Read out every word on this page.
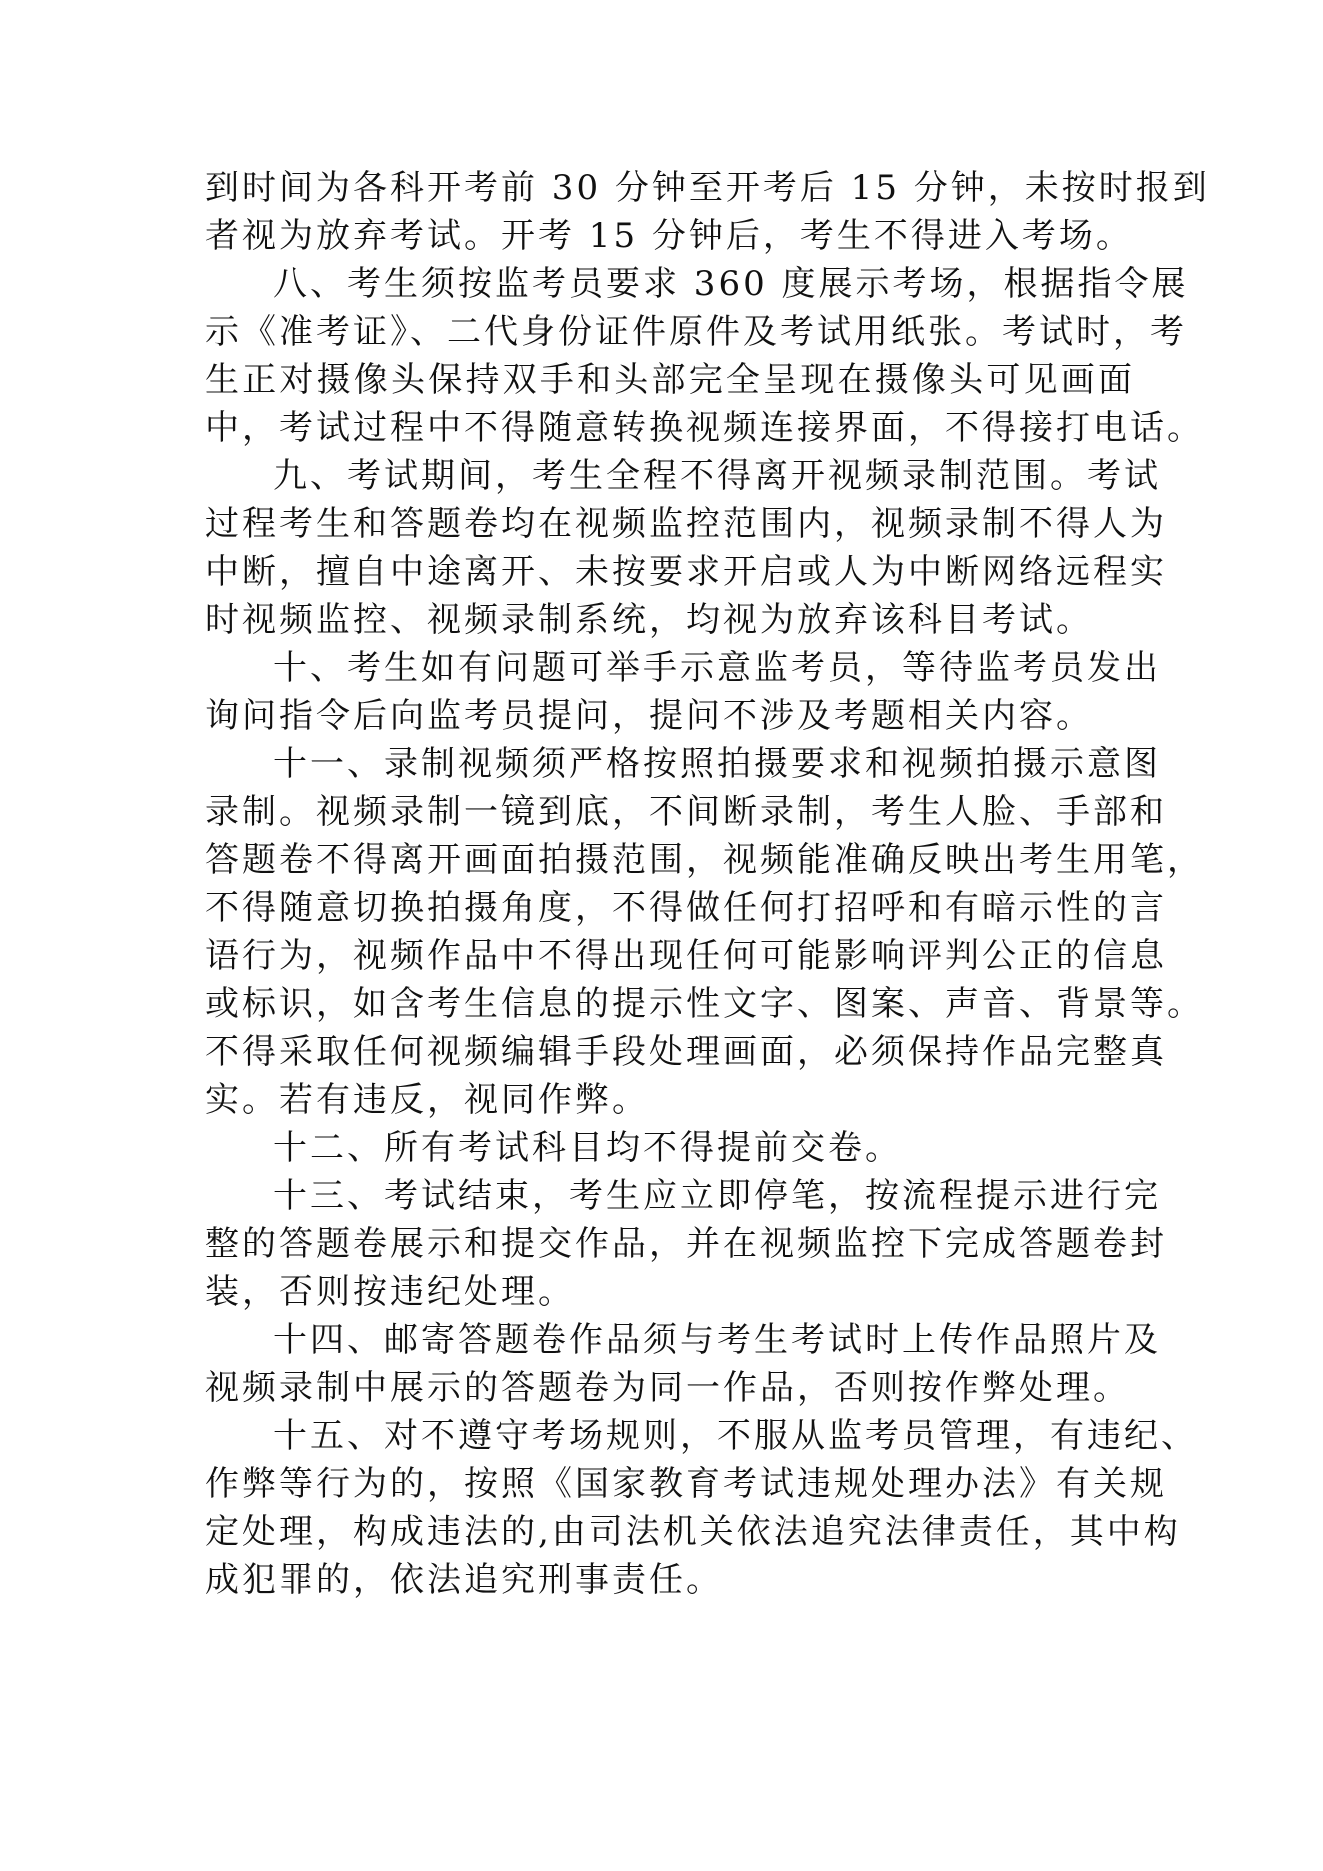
到时间为各科开考前 30 分钟至开考后 15 分钟，未按时报到
者视为放弃考试。开考 15 分钟后，考生不得进入考场。
八、考生须按监考员要求 360 度展示考场，根据指令展
示《准考证》、二代身份证件原件及考试用纸张。考试时，考
生正对摄像头保持双手和头部完全呈现在摄像头可见画面
中，考试过程中不得随意转换视频连接界面，不得接打电话。
九、考试期间，考生全程不得离开视频录制范围。考试
过程考生和答题卷均在视频监控范围内，视频录制不得人为
中断，擅自中途离开、未按要求开启或人为中断网络远程实
时视频监控、视频录制系统，均视为放弃该科目考试。
十、考生如有问题可举手示意监考员，等待监考员发出
询问指令后向监考员提问，提问不涉及考题相关内容。
十一、录制视频须严格按照拍摄要求和视频拍摄示意图
录制。视频录制一镜到底，不间断录制，考生人脸、手部和
答题卷不得离开画面拍摄范围，视频能准确反映出考生用笔，
不得随意切换拍摄角度，不得做任何打招呼和有暗示性的言
语行为，视频作品中不得出现任何可能影响评判公正的信息
或标识，如含考生信息的提示性文字、图案、声音、背景等。
不得采取任何视频编辑手段处理画面，必须保持作品完整真
实。若有违反，视同作弊。
十二、所有考试科目均不得提前交卷。
十三、考试结束，考生应立即停笔，按流程提示进行完
整的答题卷展示和提交作品，并在视频监控下完成答题卷封
装，否则按违纪处理。
十四、邮寄答题卷作品须与考生考试时上传作品照片及
视频录制中展示的答题卷为同一作品，否则按作弊处理。
十五、对不遵守考场规则，不服从监考员管理，有违纪、
作弊等行为的，按照《国家教育考试违规处理办法》有关规
定处理，构成违法的,由司法机关依法追究法律责任，其中构
成犯罪的，依法追究刑事责任。
